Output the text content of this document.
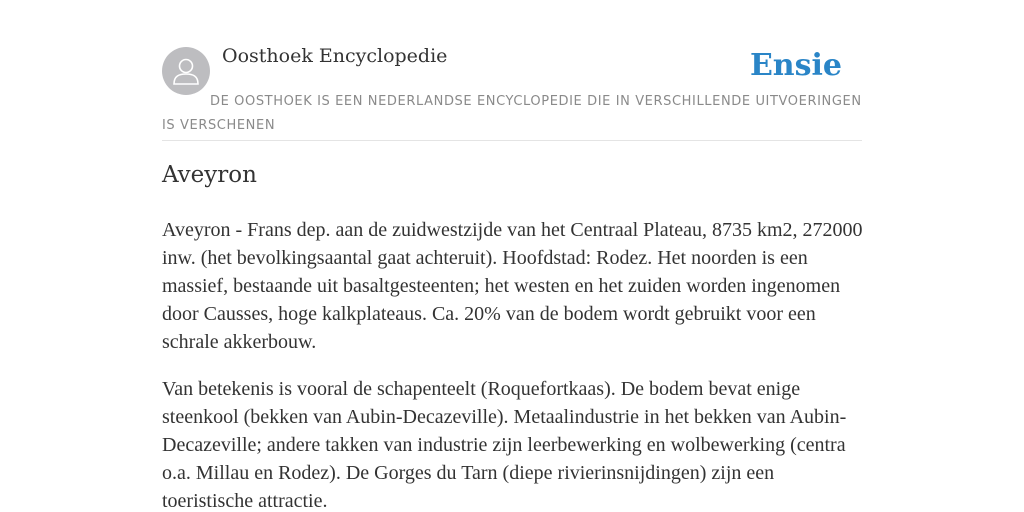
Oosthoek Encyclopedie	Ensie

DE OOSTHOEK IS EEN NEDERLANDSE ENCYCLOPEDIE DIE IN VERSCHILLENDE UITVOERINGEN IS VERSCHENEN

Aveyron

Aveyron - Frans dep. aan de zuidwestzijde van het Centraal Plateau, 8735 km2, 272000 inw. (het bevolkingsaantal gaat achteruit). Hoofdstad: Rodez. Het noorden is een massief, bestaande uit basaltgesteenten; het westen en het zuiden worden ingenomen door Causses, hoge kalkplateaus. Ca. 20% van de bodem wordt gebruikt voor een schrale akkerbouw.

Van betekenis is vooral de schapenteelt (Roquefortkaas). De bodem bevat enige steenkool (bekken van Aubin-Decazeville). Metaalindustrie in het bekken van Aubin-Decazeville; andere takken van industrie zijn leerbewerking en wolbewerking (centra o.a. Millau en Rodez). De Gorges du Tarn (diepe rivierinsnijdingen) zijn een toeristische attractie.
